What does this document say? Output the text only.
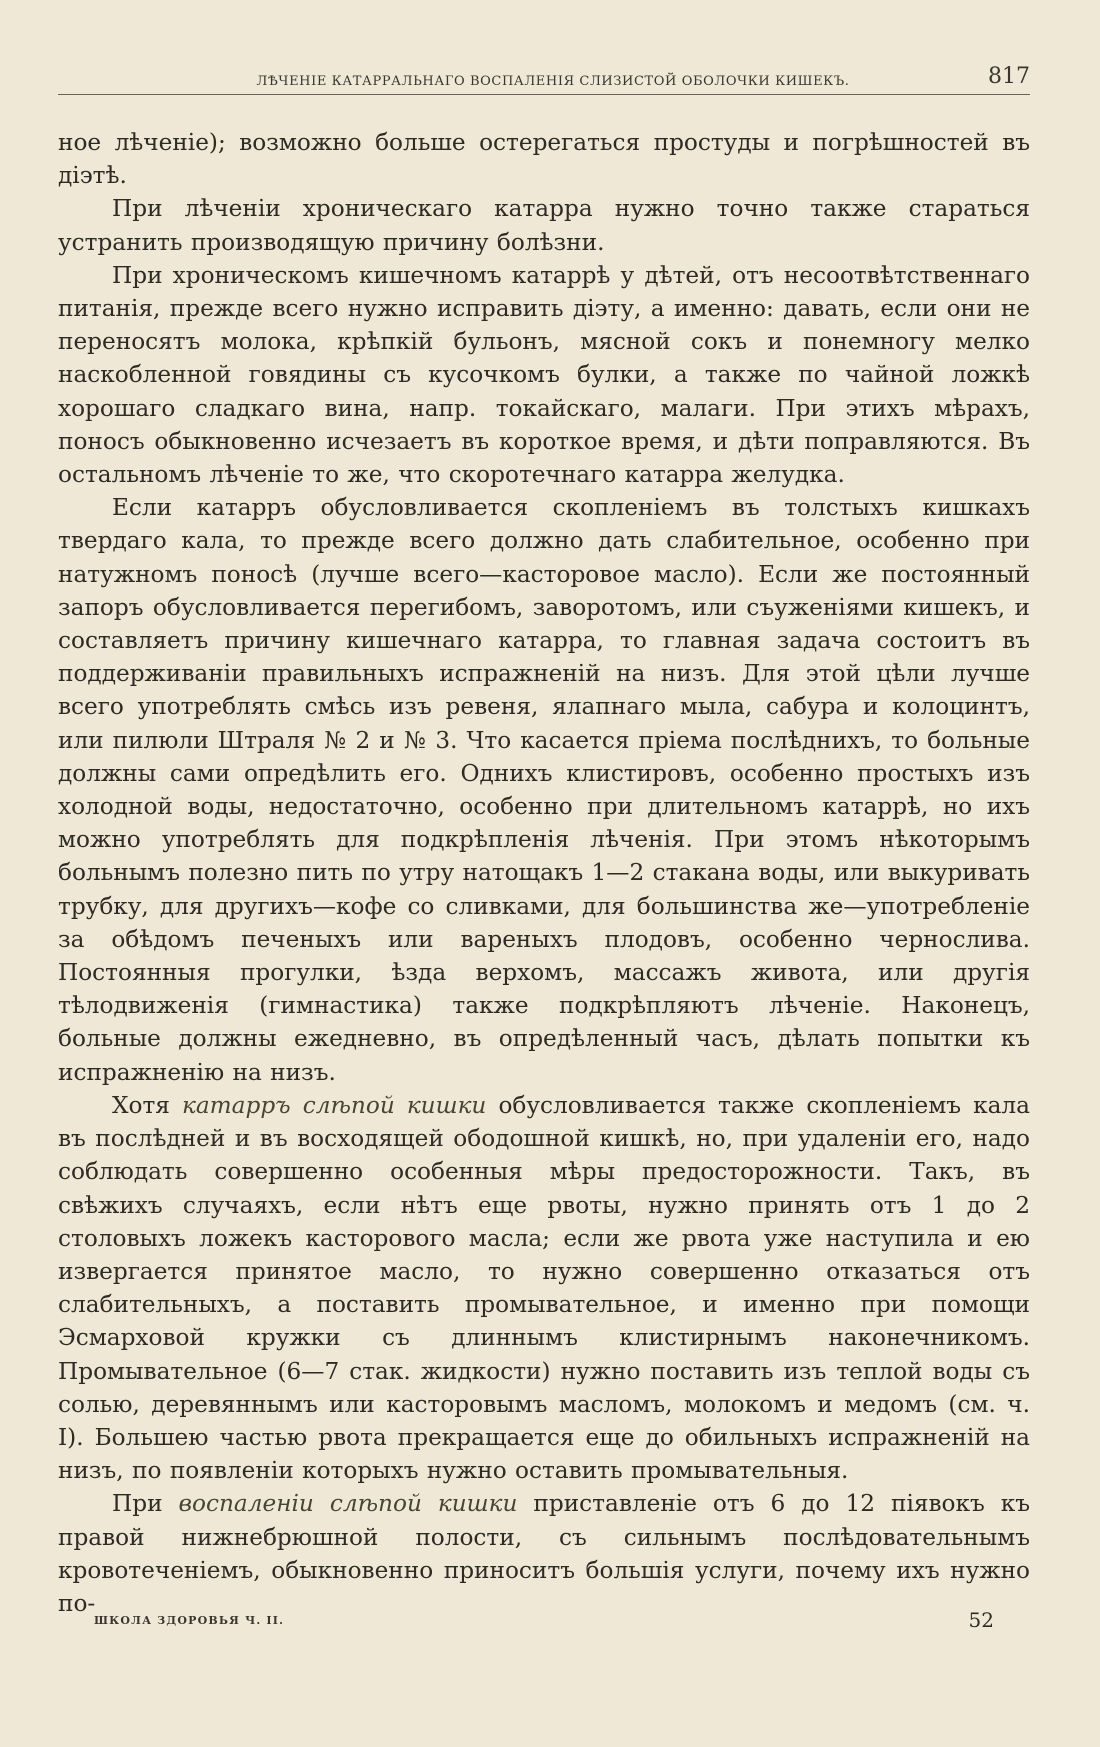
ЛѢЧЕНІЕ КАТАРРАЛЬНАГО ВОСПАЛЕНІЯ СЛИЗИСТОЙ ОБОЛОЧКИ КИШЕКЪ.	817

ное лѣченіе); возможно больше остерегаться простуды и погрѣшностей въ діэтѣ.

При лѣченіи хроническаго катарра нужно точно также стараться устранить производящую причину болѣзни.

При хроническомъ кишечномъ катаррѣ у дѣтей, отъ несоотвѣтственнаго питанія, прежде всего нужно исправить діэту, а именно: давать, если они не переносятъ молока, крѣпкій бульонъ, мясной сокъ и понемногу мелко наскобленной говядины съ кусочкомъ булки, а также по чайной ложкѣ хорошаго сладкаго вина, напр. токайскаго, малаги. При этихъ мѣрахъ, поносъ обыкновенно исчезаетъ въ короткое время, и дѣти поправляются. Въ остальномъ лѣченіе то же, что скоротечнаго катарра желудка.

Если катарръ обусловливается скопленіемъ въ толстыхъ кишкахъ твердаго кала, то прежде всего должно дать слабительное, особенно при натужномъ поносѣ (лучше всего—касторовое масло). Если же постоянный запоръ обусловливается перегибомъ, заворотомъ, или съуженіями кишекъ, и составляетъ причину кишечнаго катарра, то главная задача состоитъ въ поддерживаніи правильныхъ испражненій на низъ. Для этой цѣли лучше всего употреблять смѣсь изъ ревеня, ялапнаго мыла, сабура и колоцинтъ, или пилюли Штраля № 2 и № 3. Что касается пріема послѣднихъ, то больные должны сами опредѣлить его. Однихъ клистировъ, особенно простыхъ изъ холодной воды, недостаточно, особенно при длительномъ катаррѣ, но ихъ можно употреблять для подкрѣпленія лѣченія. При этомъ нѣкоторымъ больнымъ полезно пить по утру натощакъ 1—2 стакана воды, или выкуривать трубку, для другихъ—кофе со сливками, для большинства же—употребленіе за обѣдомъ печеныхъ или вареныхъ плодовъ, особенно чернослива. Постоянныя прогулки, ѣзда верхомъ, массажъ живота, или другія тѣлодвиженія (гимнастика) также подкрѣпляютъ лѣченіе. Наконецъ, больные должны ежедневно, въ опредѣленный часъ, дѣлать попытки къ испражненію на низъ.

Хотя катарръ слѣпой кишки обусловливается также скопленіемъ кала въ послѣдней и въ восходящей ободошной кишкѣ, но, при удаленіи его, надо соблюдать совершенно особенныя мѣры предосторожности. Такъ, въ свѣжихъ случаяхъ, если нѣтъ еще рвоты, нужно принять отъ 1 до 2 столовыхъ ложекъ касторового масла; если же рвота уже наступила и ею извергается принятое масло, то нужно совершенно отказаться отъ слабительныхъ, а поставить промывательное, и именно при помощи Эсмарховой кружки съ длиннымъ клистирнымъ наконечникомъ. Промывательное (6—7 стак. жидкости) нужно поставить изъ теплой воды съ солью, деревяннымъ или касторовымъ масломъ, молокомъ и медомъ (см. ч. I). Большею частью рвота прекращается еще до обильныхъ испражненій на низъ, по появленіи которыхъ нужно оставить промывательныя.

При воспаленіи слѣпой кишки приставленіе отъ 6 до 12 піявокъ къ правой нижнебрюшной полости, съ сильнымъ послѣдовательнымъ кровотеченіемъ, обыкновенно приноситъ большія услуги, почему ихъ нужно по-

ШКОЛА ЗДОРОВЬЯ Ч. II.	52
